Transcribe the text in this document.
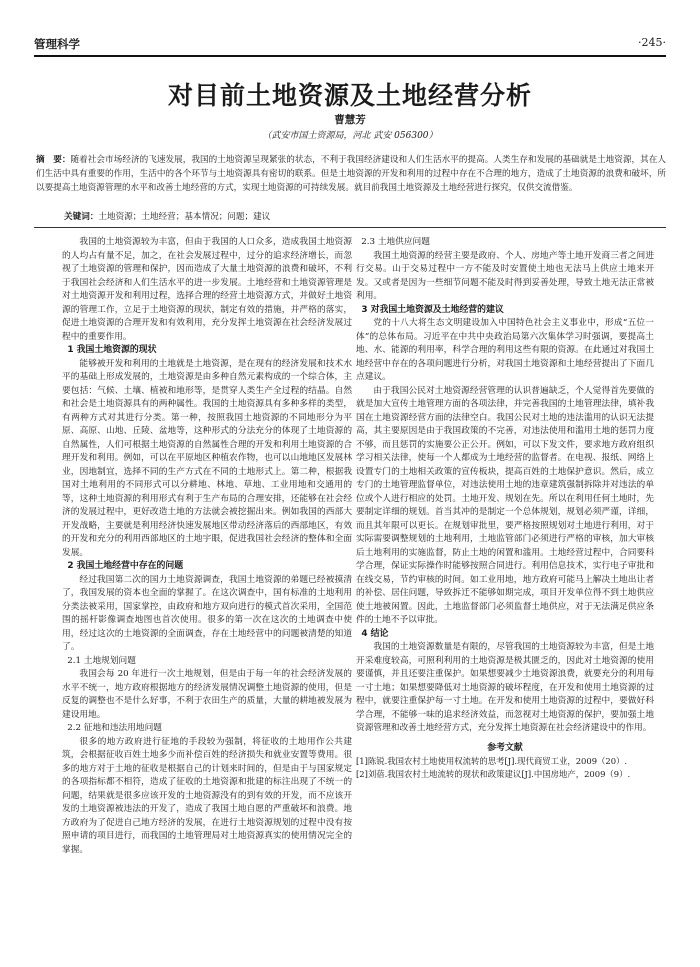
管理科学	·245·
对目前土地资源及土地经营分析
曹慧芳
（武安市国土资源局，河北 武安 056300）
摘　要：随着社会市场经济的飞速发展，我国的土地资源呈现紧张的状态，不利于我国经济建设和人们生活水平的提高。人类生存和发展的基础就是土地资源，其在人们生活中具有重要的作用，生活中的各个环节与土地资源具有密切的联系。但是土地资源的开发和利用的过程中存在不合理的地方，造成了土地资源的浪费和破坏，所以要提高土地资源管理的水平和改善土地经营的方式，实现土地资源的可持续发展。就目前我国土地资源及土地经营进行探究，仅供交流借鉴。
关键词：土地资源；土地经营；基本情况；问题；建议

我国的土地资源较为丰富，但由于我国的人口众多，造成我国土地资源的人均占有量不足，加之，在社会发展过程中，过分的追求经济增长，而忽视了土地资源的管理和保护，因而造成了大量土地资源的浪费和破坏，不利于我国社会经济和人们生活水平的进一步发展。土地经营和土地资源管理是对土地资源开发和利用过程，选择合理的经营土地资源方式，并做好土地资源的管理工作，立足于土地资源的现状，制定有效的措施，并严格的落实，促进土地资源的合理开发和有效利用，充分发挥土地资源在社会经济发展过程中的重要作用。

1 我国土地资源的现状

能够被开发和利用的土地就是土地资源，是在现有的经济发展和技术水平的基础上形成发展的，土地资源是由多种自然元素构成的一个综合体，主要包括：气候、土壤、植被和地形等，是贯穿人类生产全过程的结晶。自然和社会是土地资源具有的两种属性。我国的土地资源具有多种多样的类型，有两种方式对其进行分类。第一种，按照我国土地资源的不同地形分为平原、高原、山地、丘陵、盆地等，这种形式的分法充分的体现了土地资源的自然属性，人们可根据土地资源的自然属性合理的开发和利用土地资源的合理开发和利用。例如，可以在平原地区种植农作物，也可以山地地区发展林业，因地制宜，选择不同的生产方式在不同的土地形式上。第二种，根据我国对土地利用的不同形式可以分耕地、林地、草地、工业用地和交通用的等，这种土地资源的利用形式有利于生产布局的合理安排，还能够在社会经济的发展过程中，更好改造土地的方法就会被挖掘出来。例如我国的西部大开发战略，主要就是利用经济快速发展地区带动经济落后的西部地区，有效的开发和充分的利用西部地区的土地宇眼，促进我国社会经济的整体和全面发展。

2 我国土地经营中存在的问题

经过我国第二次的国力土地资源调查，我国土地资源的弟题已经被摸清了，我国发展的资本也全面的掌握了。在这次调查中，国有标准的土地利用分类法被采用，国家掌控，由政府和地方双向进行的模式首次采用，全国范围的摇杆影像调查地图也首次使用。很多的第一次在这次的土地调查中使用，经过这次的土地资源的全面调查，存在土地经营中的问题被清楚的知道了。

2.1 土地规划问题

我国会每 20 年进行一次土地规划，但是由于每一年的社会经济发展的水平不统一，地方政府根据地方的经济发展情况调整土地资源的使用，但是反复的调整也不是什么好事，不利于农田生产的质量，大量的耕地被发展为建设用地。

2.2 征地和违法用地问题

很多的地方政府进行征地的手段较为强制，将征收的土地用作公共建筑，会根据征收百姓土地多少而补偿百姓的经济损失和就业安置等费用。很多的地方对于土地的征收是根据自己的计划来时间的，但是由于与国家规定的各项指标都不相符，造成了征收的土地资源和批建的标注出现了不统一的问题，结果就是很多应该开发的土地资源没有的到有效的开发，而不应该开发的土地资源被违法的开发了，造成了我国土地自愿的严重破坏和浪费。地方政府为了促进自己地方经济的发展，在进行土地资源规划的过程中没有按照申请的项目进行，而我国的土地管理局对土地资源真实的使用情况完全的掌握。

2.3 土地供应问题

我国土地资源的经营主要是政府、个人、房地产等土地开发商三者之间进行交易。山于交易过程中一方不能及时安置使土地也无法马上供应土地来开发。又或者是因为一些细节问题不能及时得到妥善处理，导致土地无法正常被利用。

3 对我国土地资源及土地经营的建议

党的十八大将生态文明建设加入中国特色社会主义事业中，形成“五位一体”的总体布局。习近平在中共中央政治局第六次集体学习时强调，要提高土地、水、能源的利用率，科学合理的利用这些有限的资源。在此通过对我国土地经营中存在的各项问题进行分析，对我国土地资源和土地经营提出了下面几点建议。

由于我国公民对土地资源经营管理的认识普遍缺乏，个人觉得首先要做的就是加大宣传土地管理方面的各项法律，并完善我国的土地管理法律，填补我国在土地资源经营方面的法律空白。我国公民对土地的违法滥用的认识无法提高，其主要原因是由于我国政策的不完善，对违法使用和滥用土地的惩罚力度不够，而且惩罚的实施要公正公开。例如，可以下发文件，要求地方政府组织学习相关法律，使每一个人都成为土地经营的监督者。在电视、报纸、网络上设置专门的土地相关政策的宣传板块，提高百姓的土地保护意识。然后，成立专门的土地管理监督单位，对违法使用土地的违章建筑强制拆除并对违法的单位或个人进行相应的处罚。土地开发、规划在先。所以在利用任何土地时，先要制定详细的规划。首当其冲的是制定一个总体规划，规划必须严谨，详细，而且其年限可以更长。在规划审批里，要严格按照规划对土地进行利用，对于实际需要调整规划的土地利用，土地监管部门必须进行严格的审核，加大审核后土地利用的实施监督，防止土地的闲置和滥用。土地经营过程中，合同要科学合理，保证实际操作时能够按照合同进行。利用信息技术，实行电子审批和在线交易，节约审核的时间。如工业用地，地方政府可能马上解决土地出让者的补偿、居住问题，导致拆迁不能够如期完成，项目开发单位得不到土地供应使土地被闲置。因此，土地监督部门必须监督土地供应，对于无法满足供应条件的土地不予以审批。

4 结论

我国的土地资源数量是有限的，尽管我国的土地资源较为丰富，但是土地开采难度较高，可照利利用的土地资源是极其匮乏的，因此对土地资源的使用要谨慎，并且还要注重保护。如果想要减少土地资源浪费，就要充分的利用每一寸土地；如果想要降低对土地资源的破坏程度，在开发和使用土地资源的过程中，就要注重保护每一寸土地。在开发和使用土地资源的过程中，要做好科学合理，不能够一味的追求经济效益，而忽视对土地资源的保护，要加强土地资源管理和改善土地经营方式，充分发挥土地资源在社会经济建设中的作用。

参考文献
[1]陈锐.我国农村土地使用权流转的思考[J].现代商贸工业，2009（20）.
[2]刘蓓.我国农村土地流转的现状和政策建议[J].中国房地产，2009（9）.
